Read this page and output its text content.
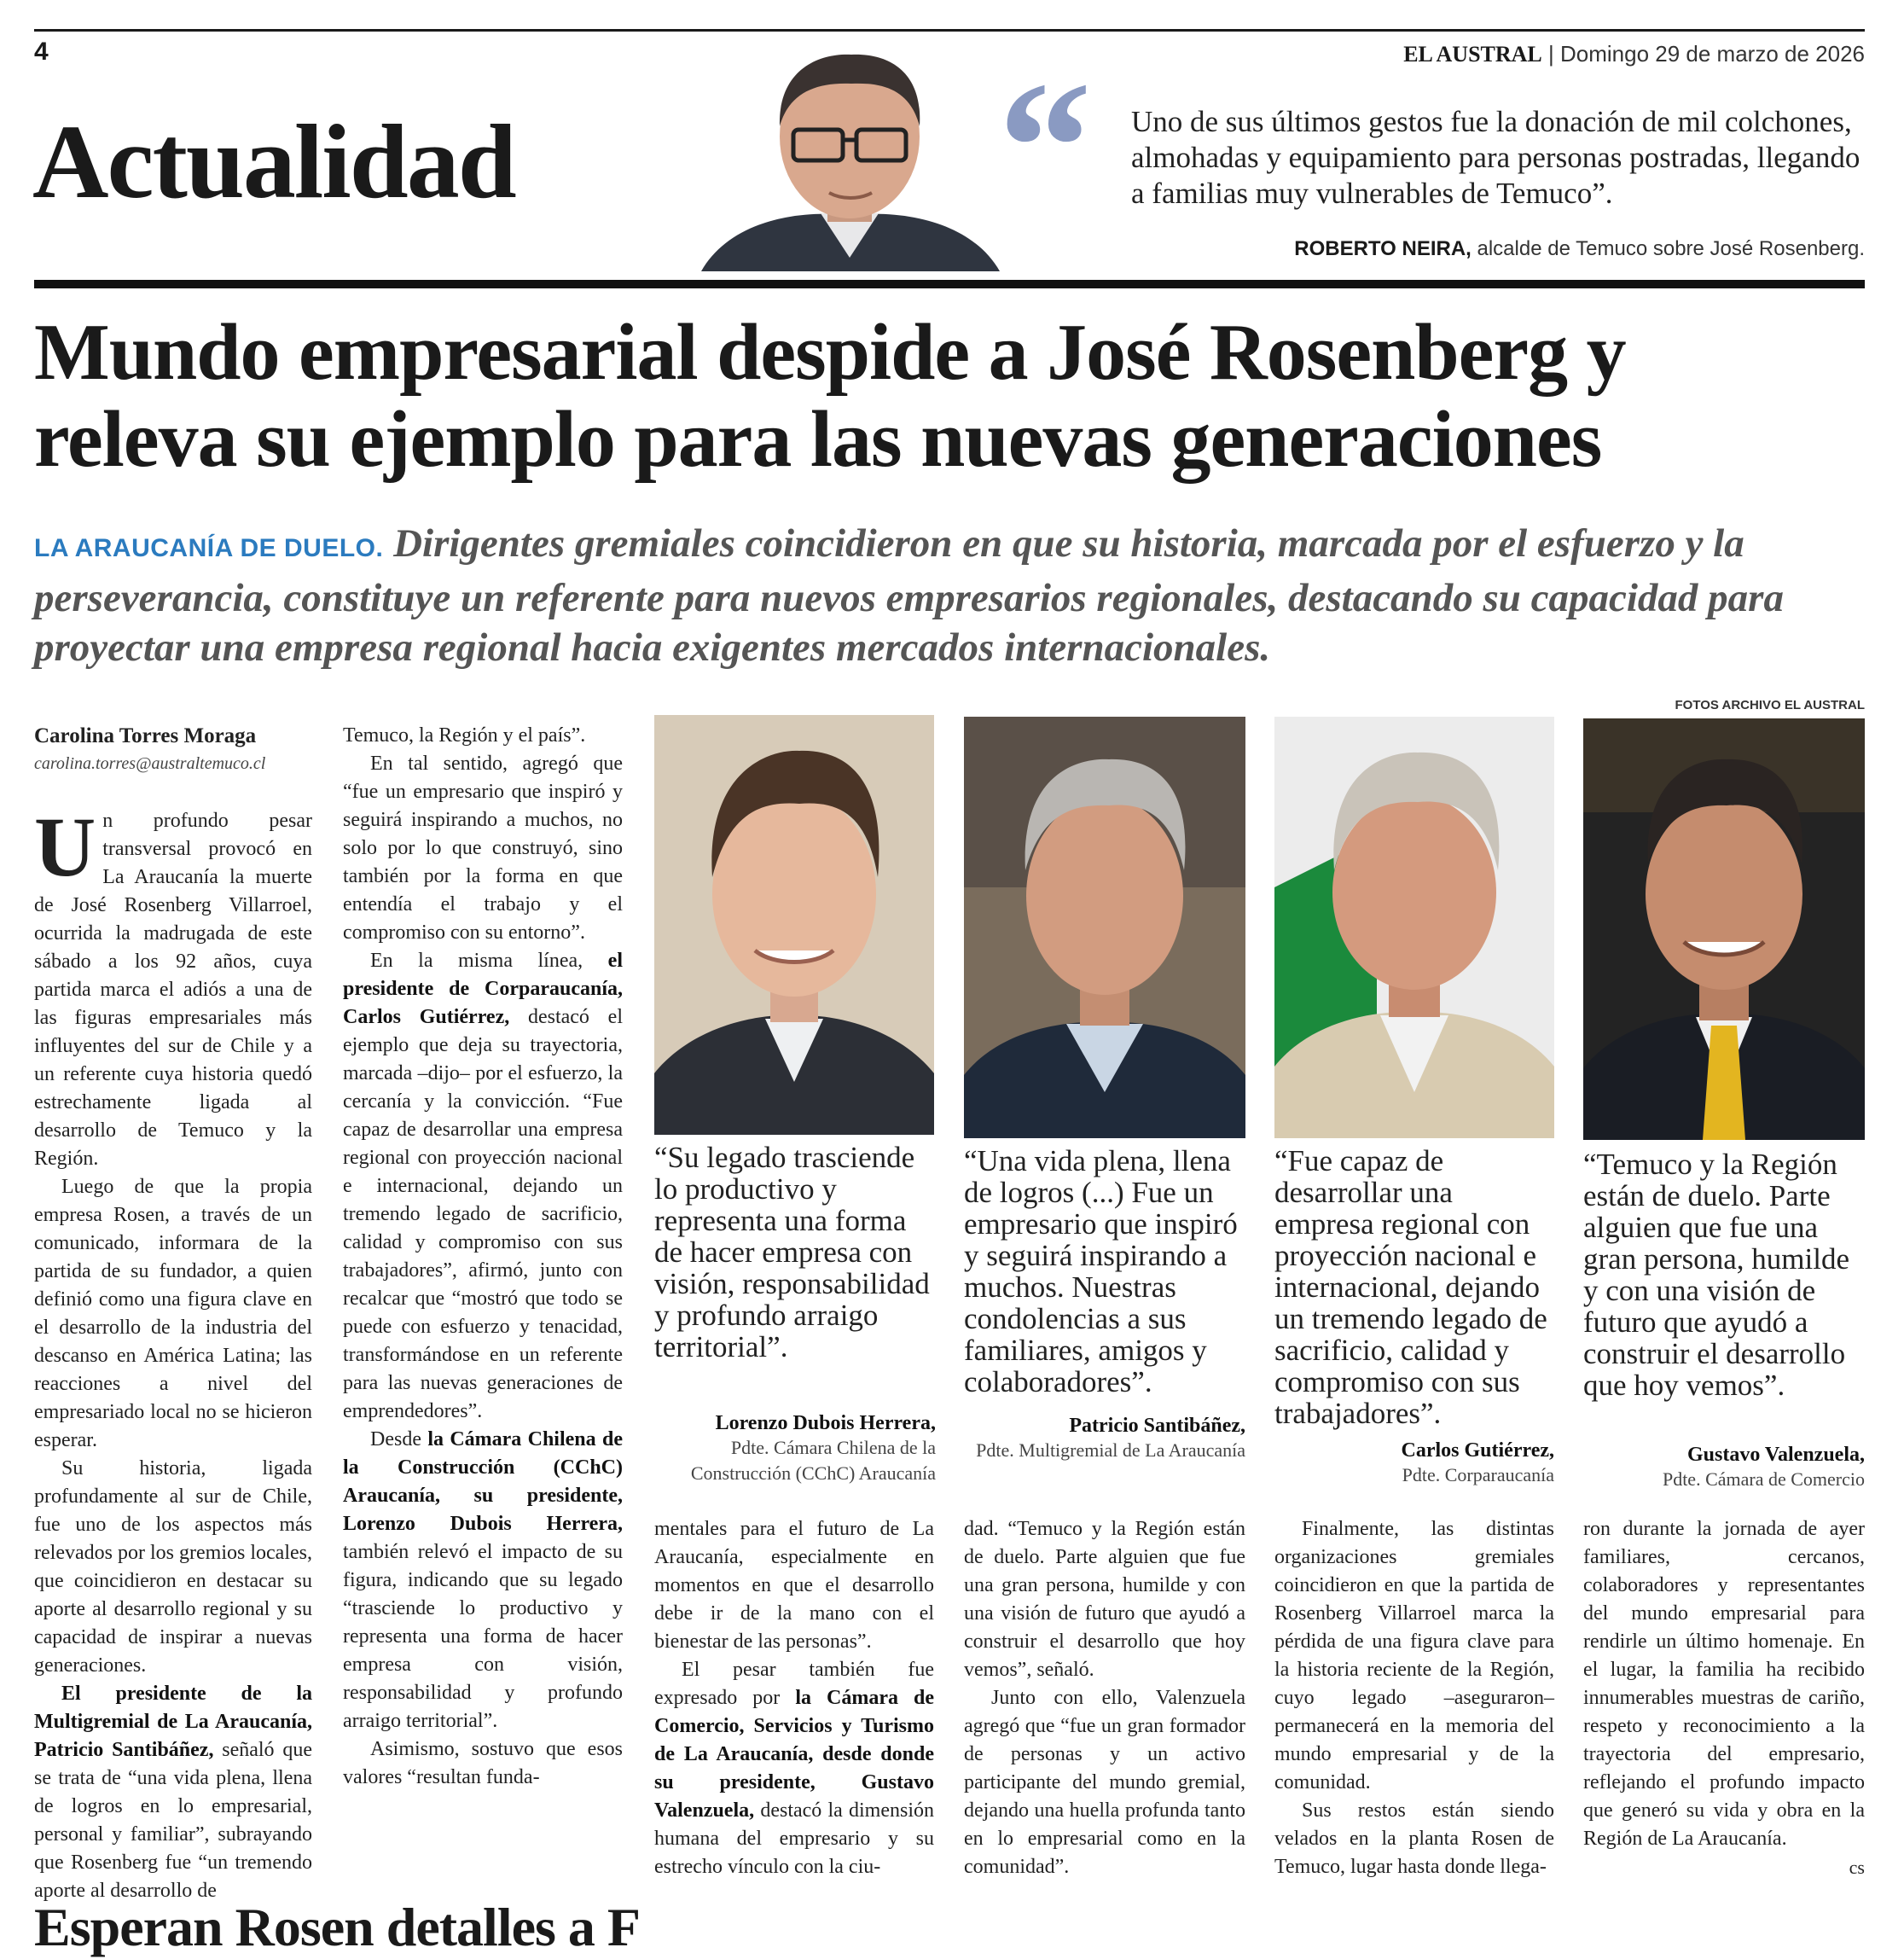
4	EL AUSTRAL | Domingo 29 de marzo de 2026
Actualidad	“ Uno de sus últimos gestos fue la donación de mil colchones, almohadas y equipamiento para personas postradas, llegando a familias muy vulnerables de Temuco”.
ROBERTO NEIRA, alcalde de Temuco sobre José Rosenberg.
Mundo empresarial despide a José Rosenberg y
releva su ejemplo para las nuevas generaciones
LA ARAUCANÍA DE DUELO. Dirigentes gremiales coincidieron en que su historia, marcada por el esfuerzo y la perseverancia, constituye un referente para nuevos empresarios regionales, destacando su capacidad para proyectar una empresa regional hacia exigentes mercados internacionales.
FOTOS ARCHIVO EL AUSTRAL
Carolina Torres Moraga
carolina.torres@australtemuco.cl

Un profundo pesar transversal provocó en La Araucanía la muerte de José Rosenberg Villarroel, ocurrida la madrugada de este sábado a los 92 años, cuya partida marca el adiós a una de las figuras empresariales más influyentes del sur de Chile y a un referente cuya historia quedó estrechamente ligada al desarrollo de Temuco y la Región.

Luego de que la propia empresa Rosen, a través de un comunicado, informara de la partida de su fundador, a quien definió como una figura clave en el desarrollo de la industria del descanso en América Latina; las reacciones a nivel del empresariado local no se hicieron esperar.

Su historia, ligada profundamente al sur de Chile, fue uno de los aspectos más relevados por los gremios locales, que coincidieron en destacar su aporte al desarrollo regional y su capacidad de inspirar a nuevas generaciones.

El presidente de la Multigremial de La Araucanía, Patricio Santibáñez, señaló que se trata de “una vida plena, llena de logros en lo empresarial, personal y familiar”, subrayando que Rosenberg fue “un tremendo aporte al desarrollo de

Temuco, la Región y el país”.

En tal sentido, agregó que “fue un empresario que inspiró y seguirá inspirando a muchos, no solo por lo que construyó, sino también por la forma en que entendía el trabajo y el compromiso con su entorno”.

En la misma línea, el presidente de Corparaucanía, Carlos Gutiérrez, destacó el ejemplo que deja su trayectoria, marcada –dijo– por el esfuerzo, la cercanía y la convicción. “Fue capaz de desarrollar una empresa regional con proyección nacional e internacional, dejando un tremendo legado de sacrificio, calidad y compromiso con sus trabajadores”, afirmó, junto con recalcar que “mostró que todo se puede con esfuerzo y tenacidad, transformándose en un referente para las nuevas generaciones de emprendedores”.

Desde la Cámara Chilena de la Construcción (CChC) Araucanía, su presidente, Lorenzo Dubois Herrera, también relevó el impacto de su figura, indicando que su legado “trasciende lo productivo y representa una forma de hacer empresa con visión, responsabilidad y profundo arraigo territorial”.

Asimismo, sostuvo que esos valores “resultan funda-

“Su legado trasciende lo productivo y representa una forma de hacer empresa con visión, responsabilidad y profundo arraigo territorial”.
Lorenzo Dubois Herrera,
Pdte. Cámara Chilena de la Construcción (CChC) Araucanía
“Una vida plena, llena de logros (...) Fue un empresario que inspiró y seguirá inspirando a muchos. Nuestras condolencias a sus familiares, amigos y colaboradores”.
Patricio Santibáñez,
Pdte. Multigremial de La Araucanía
“Fue capaz de desarrollar una empresa regional con proyección nacional e internacional, dejando un tremendo legado de sacrificio, calidad y compromiso con sus trabajadores”.
Carlos Gutiérrez,
Pdte. Corparaucanía
“Temuco y la Región están de duelo. Parte alguien que fue una gran persona, humilde y con una visión de futuro que ayudó a construir el desarrollo que hoy vemos”.
Gustavo Valenzuela,
Pdte. Cámara de Comercio

mentales para el futuro de La Araucanía, especialmente en momentos en que el desarrollo debe ir de la mano con el bienestar de las personas”.

El pesar también fue expresado por la Cámara de Comercio, Servicios y Turismo de La Araucanía, desde donde su presidente, Gustavo Valenzuela, destacó la dimensión humana del empresario y su estrecho vínculo con la ciu-

dad. “Temuco y la Región están de duelo. Parte alguien que fue una gran persona, humilde y con una visión de futuro que ayudó a construir el desarrollo que hoy vemos”, señaló.

Junto con ello, Valenzuela agregó que “fue un gran formador de personas y un activo participante del mundo gremial, dejando una huella profunda tanto en lo empresarial como en la comunidad”.

Finalmente, las distintas organizaciones gremiales coincidieron en que la partida de Rosenberg Villarroel marca la pérdida de una figura clave para la historia reciente de la Región, cuyo legado –aseguraron– permanecerá en la memoria del mundo empresarial y de la comunidad.

Sus restos están siendo velados en la planta Rosen de Temuco, lugar hasta donde llega-

ron durante la jornada de ayer familiares, cercanos, colaboradores y representantes del mundo empresarial para rendirle un último homenaje. En el lugar, la familia ha recibido innumerables muestras de cariño, respeto y reconocimiento a la trayectoria del empresario, reflejando el profundo impacto que generó su vida y obra en la Región de La Araucanía.

cs
Esperan Rosen detalles a F
